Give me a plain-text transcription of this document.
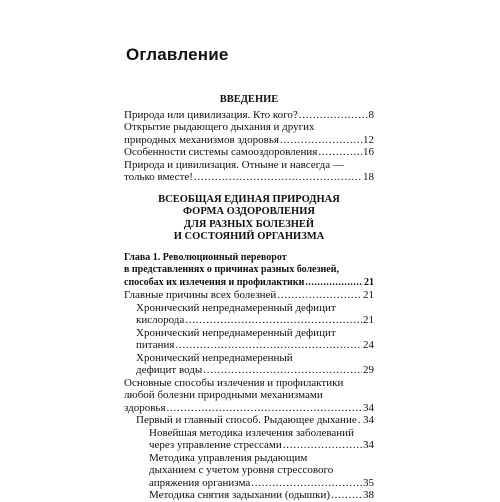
Оглавление
ВВЕДЕНИЕ
Природа или цивилизация. Кто кого? . . .	8
Открытие рыдающего дыхания и других
природных механизмов здоровья . . .	12
Особенности системы самооздоровления . . .	16
Природа и цивилизация. Отныне и навсегда —
только вместе! . . .	18
ВСЕОБЩАЯ ЕДИНАЯ ПРИРОДНАЯ
ФОРМА ОЗДОРОВЛЕНИЯ
ДЛЯ РАЗНЫХ БОЛЕЗНЕЙ
И СОСТОЯНИЙ ОРГАНИЗМА
Глава 1. Революционный переворот
в представлениях о причинах разных болезней,
способах их излечения и профилактики . . .	21
Главные причины всех болезней . . .	21
Хронический непреднамеренный дефицит
кислорода . . .	21
Хронический непреднамеренный дефицит
питания . . .	24
Хронический непреднамеренный
дефицит воды . . .	29
Основные способы излечения и профилактики
любой болезни природными механизмами
здоровья . . .	34
Первый и главный способ. Рыдающее дыхание . . . 34
Новейшая методика излечения заболеваний
через управление стрессами . . .	34
Методика управления рыдающим
дыханием с учетом уровня стрессового
апряжения организма . . .	35
Методика снятия задыхании (одышки) . . .	38
